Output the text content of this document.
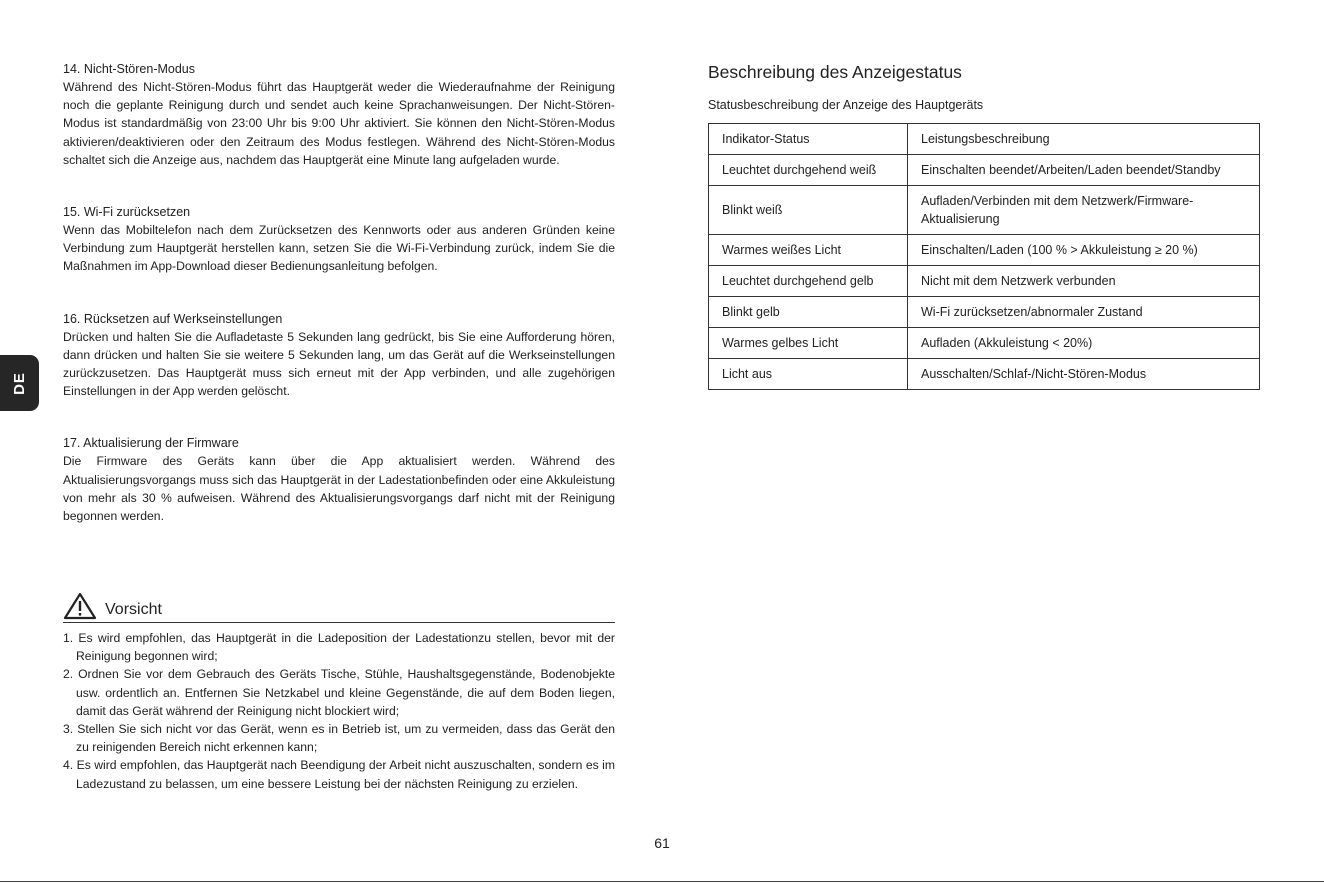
14. Nicht-Stören-Modus

Während des Nicht-Stören-Modus führt das Hauptgerät weder die Wiederaufnahme der Reinigung noch die geplante Reinigung durch und sendet auch keine Sprachanweisungen. Der Nicht-Stören-Modus ist standardmäßig von 23:00 Uhr bis 9:00 Uhr aktiviert. Sie können den Nicht-Stören-Modus aktivieren/deaktivieren oder den Zeitraum des Modus festlegen. Während des Nicht-Stören-Modus schaltet sich die Anzeige aus, nachdem das Hauptgerät eine Minute lang aufgeladen wurde.

15. Wi-Fi zurücksetzen

Wenn das Mobiltelefon nach dem Zurücksetzen des Kennworts oder aus anderen Gründen keine Verbindung zum Hauptgerät herstellen kann, setzen Sie die Wi-Fi-Verbindung zurück, indem Sie die Maßnahmen im App-Download dieser Bedienungsanleitung befolgen.

16. Rücksetzen auf Werkseinstellungen

Drücken und halten Sie die Aufladetaste 5 Sekunden lang gedrückt, bis Sie eine Aufforderung hören, dann drücken und halten Sie sie weitere 5 Sekunden lang, um das Gerät auf die Werkseinstellungen zurückzusetzen. Das Hauptgerät muss sich erneut mit der App verbinden, und alle zugehörigen Einstellungen in der App werden gelöscht.

17. Aktualisierung der Firmware

Die Firmware des Geräts kann über die App aktualisiert werden. Während des Aktualisierungsvorgangs muss sich das Hauptgerät in der Ladestationbefinden oder eine Akkuleistung von mehr als 30 % aufweisen. Während des Aktualisierungsvorgangs darf nicht mit der Reinigung begonnen werden.

DE
Vorsicht
1. Es wird empfohlen, das Hauptgerät in die Ladeposition der Ladestationzu stellen, bevor mit der Reinigung begonnen wird;
2. Ordnen Sie vor dem Gebrauch des Geräts Tische, Stühle, Haushaltsgegenstände, Bodenobjekte usw. ordentlich an. Entfernen Sie Netzkabel und kleine Gegenstände, die auf dem Boden liegen, damit das Gerät während der Reinigung nicht blockiert wird;
3. Stellen Sie sich nicht vor das Gerät, wenn es in Betrieb ist, um zu vermeiden, dass das Gerät den zu reinigenden Bereich nicht erkennen kann;
4. Es wird empfohlen, das Hauptgerät nach Beendigung der Arbeit nicht auszuschalten, sondern es im Ladezustand zu belassen, um eine bessere Leistung bei der nächsten Reinigung zu erzielen.
Beschreibung des Anzeigestatus

Statusbeschreibung der Anzeige des Hauptgeräts

Indikator-Status	Leistungsbeschreibung
Leuchtet durchgehend weiß	Einschalten beendet/Arbeiten/Laden beendet/Standby
Blinkt weiß	Aufladen/Verbinden mit dem Netzwerk/Firmware-Aktualisierung
Warmes weißes Licht	Einschalten/Laden (100 % > Akkuleistung ≥ 20 %)
Leuchtet durchgehend gelb	Nicht mit dem Netzwerk verbunden
Blinkt gelb	Wi-Fi zurücksetzen/abnormaler Zustand
Warmes gelbes Licht	Aufladen (Akkuleistung < 20%)
Licht aus	Ausschalten/Schlaf-/Nicht-Stören-Modus
61
